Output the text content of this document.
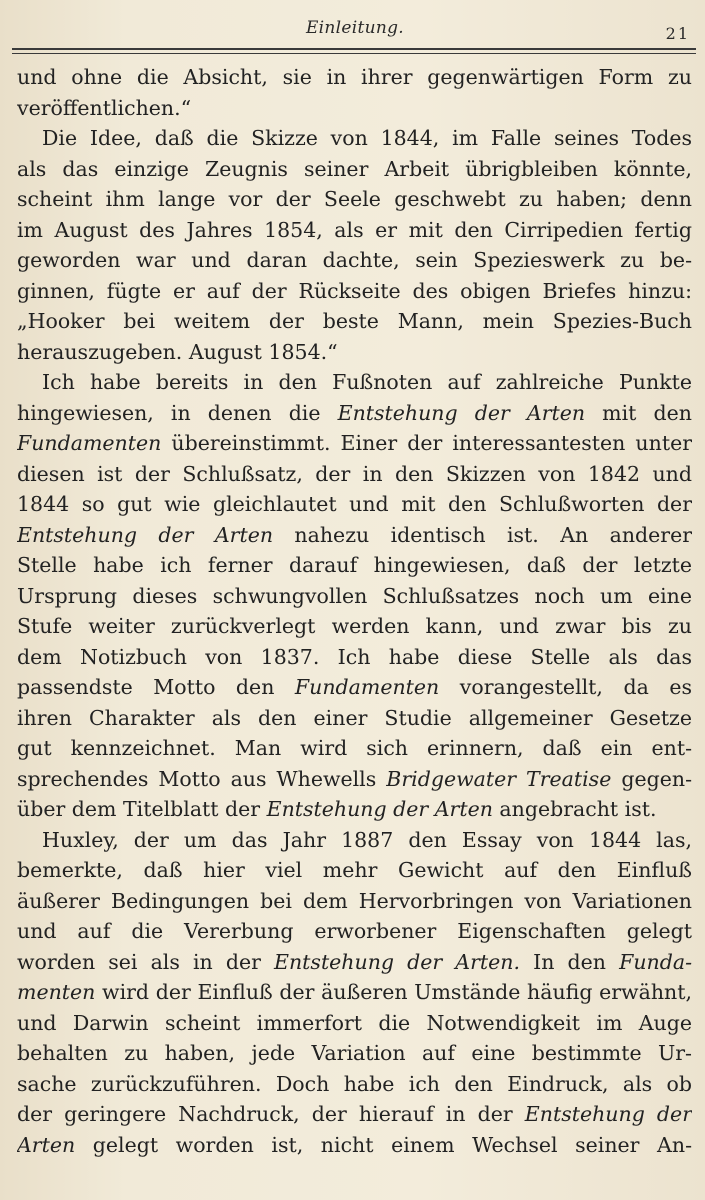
Einleitung.	21
und ohne die Absicht, sie in ihrer gegenwärtigen Form zu
veröffentlichen.“
Die Idee, daß die Skizze von 1844, im Falle seines Todes
als das einzige Zeugnis seiner Arbeit übrigbleiben könnte,
scheint ihm lange vor der Seele geschwebt zu haben; denn
im August des Jahres 1854, als er mit den Cirripedien fertig
geworden war und daran dachte, sein Spezieswerk zu be-
ginnen, fügte er auf der Rückseite des obigen Briefes hinzu:
„Hooker bei weitem der beste Mann, mein Spezies-Buch
herauszugeben. August 1854.“
Ich habe bereits in den Fußnoten auf zahlreiche Punkte
hingewiesen, in denen die Entstehung der Arten mit den
Fundamenten übereinstimmt. Einer der interessantesten unter
diesen ist der Schlußsatz, der in den Skizzen von 1842 und
1844 so gut wie gleichlautet und mit den Schlußworten der
Entstehung der Arten nahezu identisch ist. An anderer
Stelle habe ich ferner darauf hingewiesen, daß der letzte
Ursprung dieses schwungvollen Schlußsatzes noch um eine
Stufe weiter zurückverlegt werden kann, und zwar bis zu
dem Notizbuch von 1837. Ich habe diese Stelle als das
passendste Motto den Fundamenten vorangestellt, da es
ihren Charakter als den einer Studie allgemeiner Gesetze
gut kennzeichnet. Man wird sich erinnern, daß ein ent-
sprechendes Motto aus Whewells Bridgewater Treatise gegen-
über dem Titelblatt der Entstehung der Arten angebracht ist.
Huxley, der um das Jahr 1887 den Essay von 1844 las,
bemerkte, daß hier viel mehr Gewicht auf den Einfluß
äußerer Bedingungen bei dem Hervorbringen von Variationen
und auf die Vererbung erworbener Eigenschaften gelegt
worden sei als in der Entstehung der Arten. In den Funda-
menten wird der Einfluß der äußeren Umstände häufig erwähnt,
und Darwin scheint immerfort die Notwendigkeit im Auge
behalten zu haben, jede Variation auf eine bestimmte Ur-
sache zurückzuführen. Doch habe ich den Eindruck, als ob
der geringere Nachdruck, der hierauf in der Entstehung der
Arten gelegt worden ist, nicht einem Wechsel seiner An-
